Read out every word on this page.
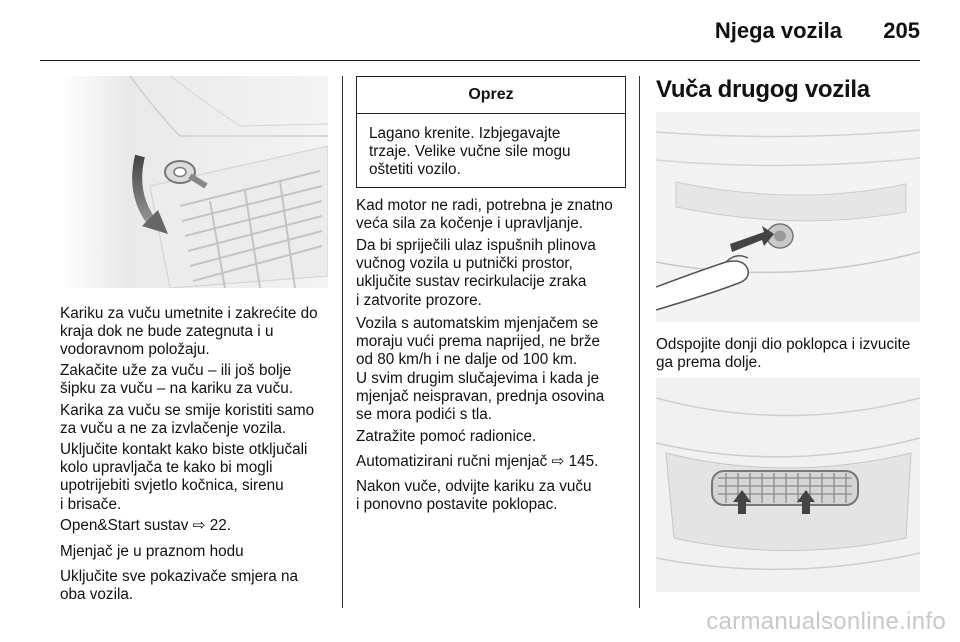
Njega vozila 205

Kariku za vuču umetnite i zakrećite do
kraja dok ne bude zategnuta i u
vodoravnom položaju.

Zakačite uže za vuču – ili još bolje
šipku za vuču – na kariku za vuču.

Karika za vuču se smije koristiti samo
za vuču a ne za izvlačenje vozila.

Uključite kontakt kako biste otključali
kolo upravljača te kako bi mogli
upotrijebiti svjetlo kočnica, sirenu
i brisače.

Open&Start sustav ⇨ 22.

Mjenjač je u praznom hodu

Uključite sve pokazivače smjera na
oba vozila.

Oprez
Lagano krenite. Izbjegavajte
trzaje. Velike vučne sile mogu
oštetiti vozilo.

Kad motor ne radi, potrebna je znatno
veća sila za kočenje i upravljanje.

Da bi spriječili ulaz ispušnih plinova
vučnog vozila u putnički prostor,
uključite sustav recirkulacije zraka
i zatvorite prozore.

Vozila s automatskim mjenjačem se
moraju vući prema naprijed, ne brže
od 80 km/h i ne dalje od 100 km.
U svim drugim slučajevima i kada je
mjenjač neispravan, prednja osovina
se mora podići s tla.

Zatražite pomoć radionice.

Automatizirani ručni mjenjač ⇨ 145.

Nakon vuče, odvijte kariku za vuču
i ponovno postavite poklopac.

Vuča drugog vozila

Odspojite donji dio poklopca i izvucite
ga prema dolje.

carmanualsonline.info
